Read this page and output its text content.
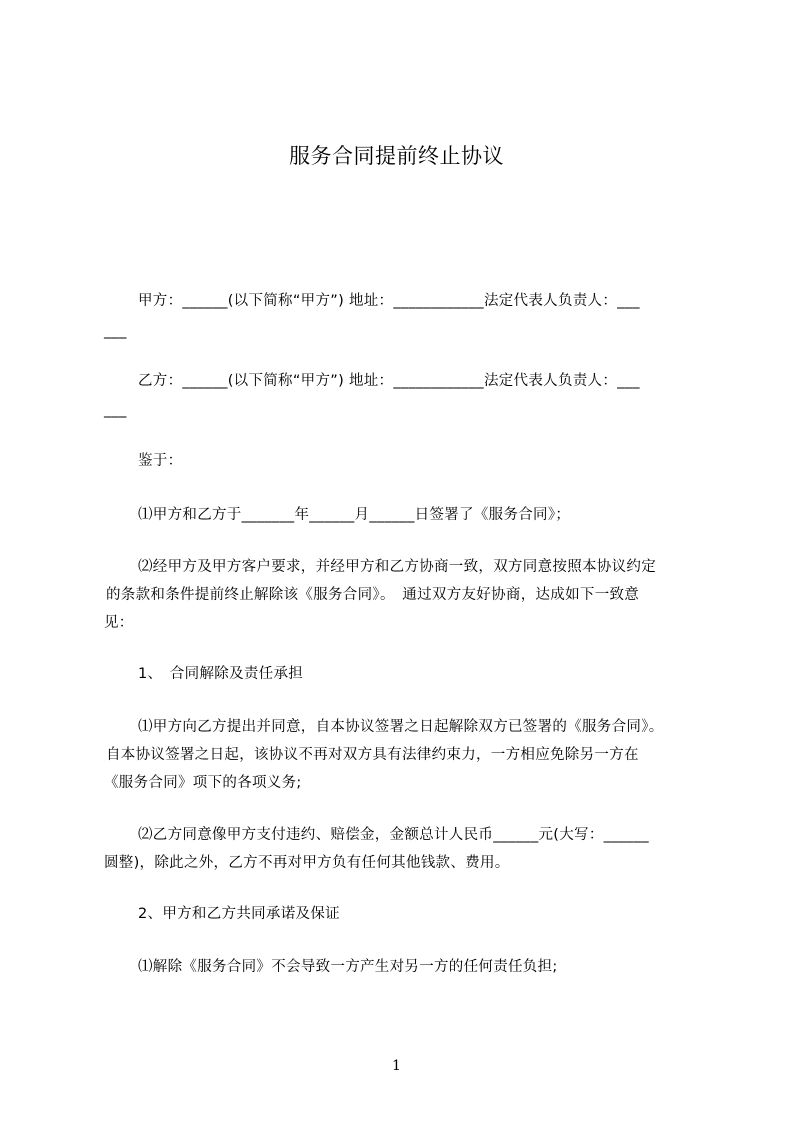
服务合同提前终止协议
甲方：______(以下简称“甲方”) 地址：____________法定代表人负责人：___
___
乙方：______(以下简称“甲方”) 地址：____________法定代表人负责人：___
___
鉴于：
⑴甲方和乙方于_______年______月______日签署了《服务合同》；
⑵经甲方及甲方客户要求，并经甲方和乙方协商一致，双方同意按照本协议约定
的条款和条件提前终止解除该《服务合同》。　通过双方友好协商，达成如下一致意
见：
1、　合同解除及责任承担
⑴甲方向乙方提出并同意，自本协议签署之日起解除双方已签署的《服务合同》。
自本协议签署之日起，该协议不再对双方具有法律约束力，一方相应免除另一方在
《服务合同》项下的各项义务;
⑵乙方同意像甲方支付违约、赔偿金，金额总计人民币______元(大写：______
圆整)，除此之外，乙方不再对甲方负有任何其他钱款、费用。
2、甲方和乙方共同承诺及保证
⑴解除《服务合同》不会导致一方产生对另一方的任何责任负担;
1
